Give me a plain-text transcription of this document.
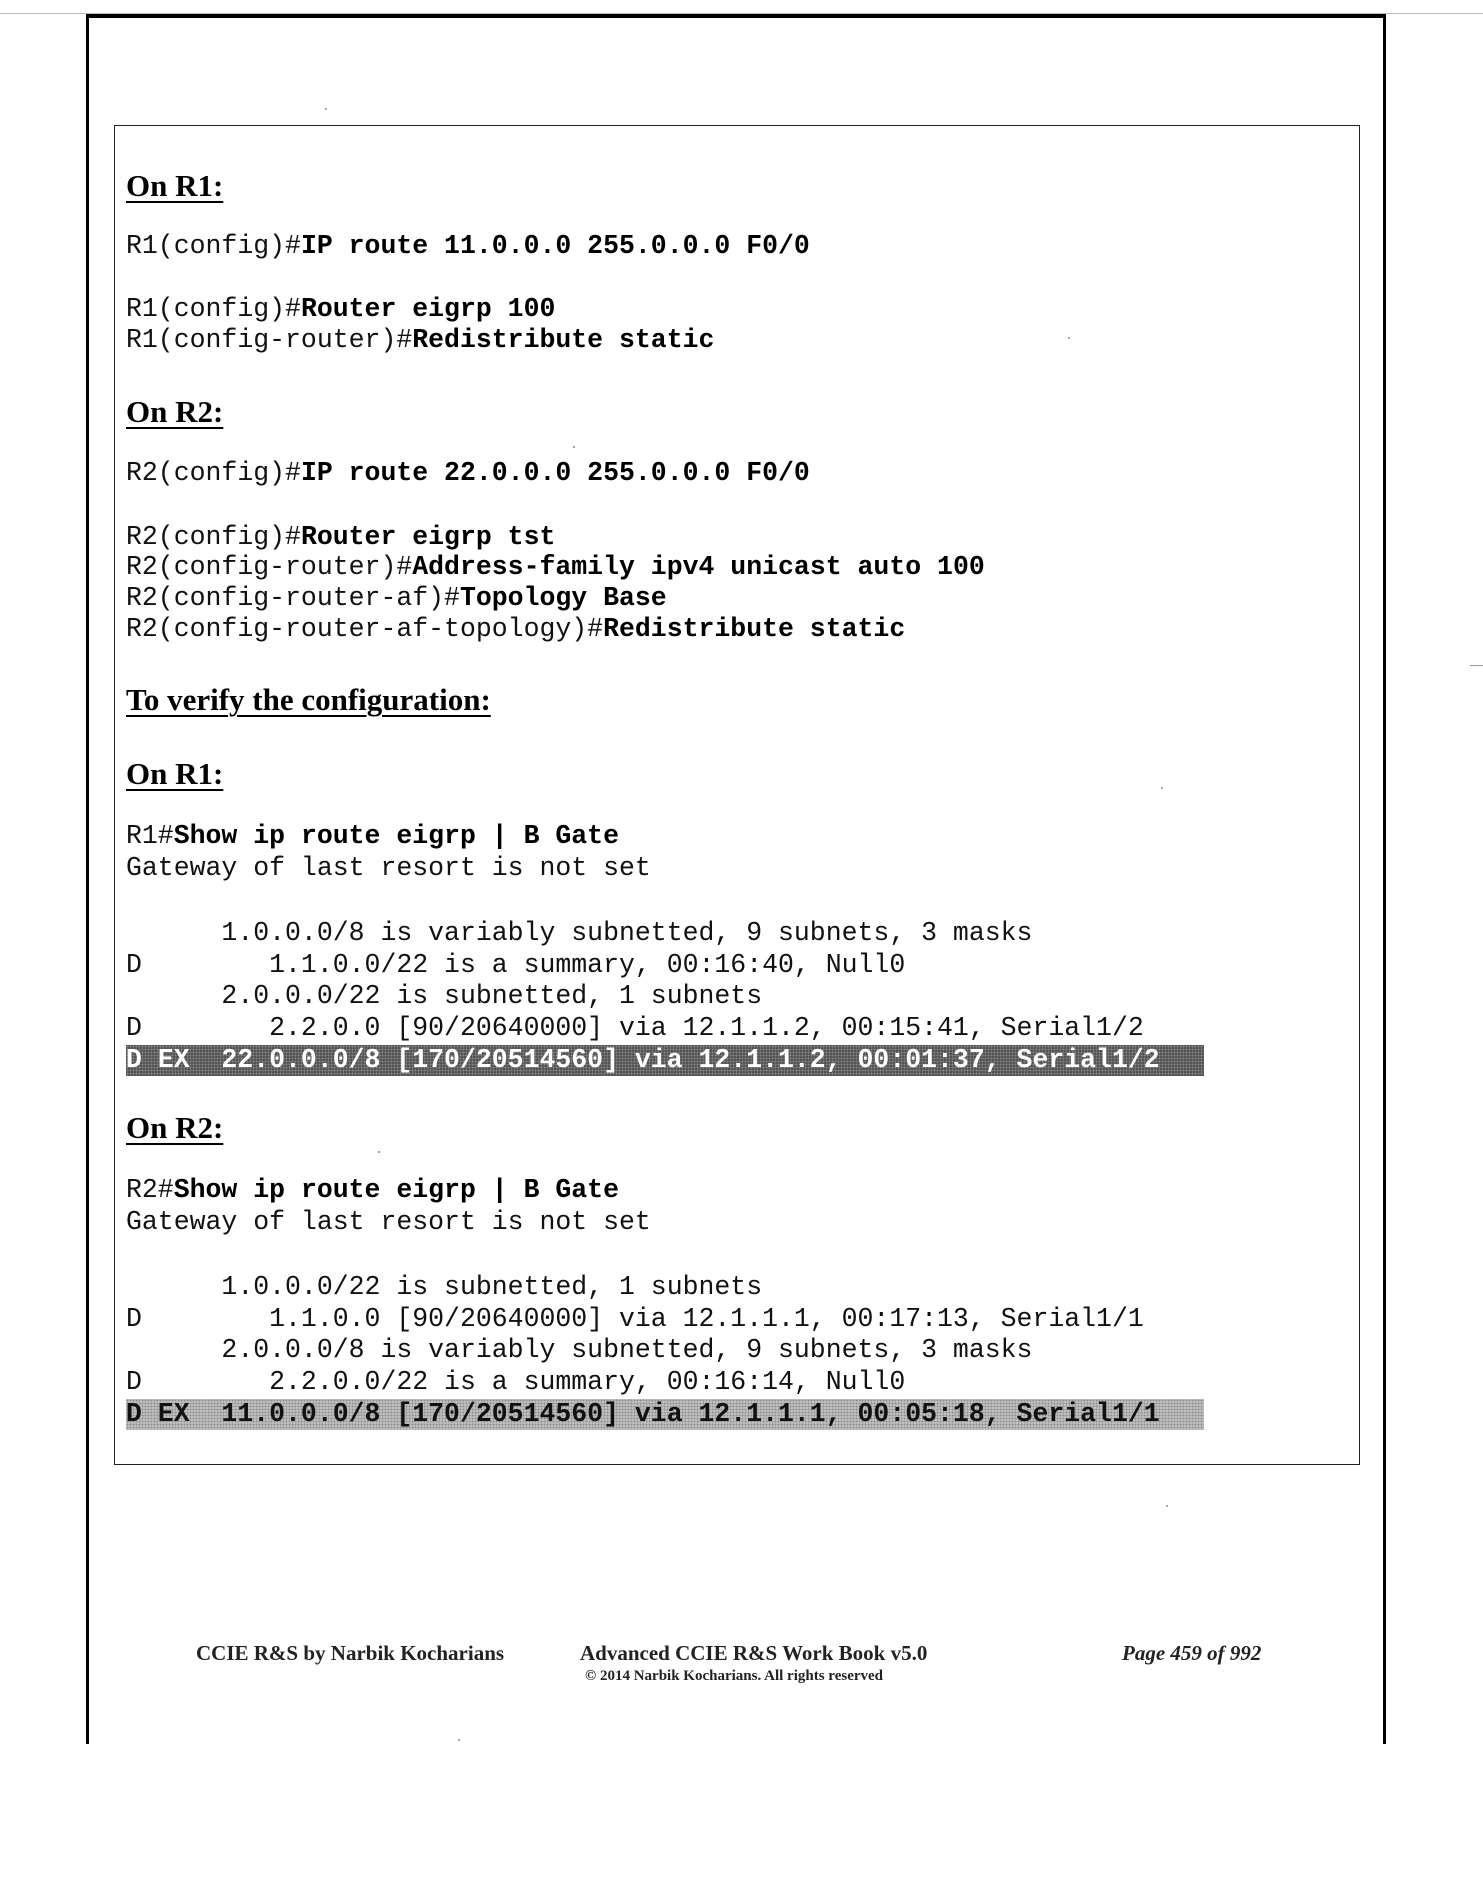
On R1:

R1(config)#IP route 11.0.0.0 255.0.0.0 F0/0
R1(config)#Router eigrp 100
R1(config-router)#Redistribute static

On R2:

R2(config)#IP route 22.0.0.0 255.0.0.0 F0/0
R2(config)#Router eigrp tst
R2(config-router)#Address-family ipv4 unicast auto 100
R2(config-router-af)#Topology Base
R2(config-router-af-topology)#Redistribute static

To verify the configuration:

On R1:

R1#Show ip route eigrp | B Gate
Gateway of last resort is not set
1.0.0.0/8 is variably subnetted, 9 subnets, 3 masks
D        1.1.0.0/22 is a summary, 00:16:40, Null0
2.0.0.0/22 is subnetted, 1 subnets
D        2.2.0.0 [90/20640000] via 12.1.1.2, 00:15:41, Serial1/2
D EX  22.0.0.0/8 [170/20514560] via 12.1.1.2, 00:01:37, Serial1/2

On R2:

R2#Show ip route eigrp | B Gate
Gateway of last resort is not set
1.0.0.0/22 is subnetted, 1 subnets
D        1.1.0.0 [90/20640000] via 12.1.1.1, 00:17:13, Serial1/1
2.0.0.0/8 is variably subnetted, 9 subnets, 3 masks
D        2.2.0.0/22 is a summary, 00:16:14, Null0
D EX  11.0.0.0/8 [170/20514560] via 12.1.1.1, 00:05:18, Serial1/1

CCIE R&S by Narbik Kocharians	Advanced CCIE R&S Work Book v5.0

© 2014 Narbik Kocharians. All rights reserved

Page 459 of 992
